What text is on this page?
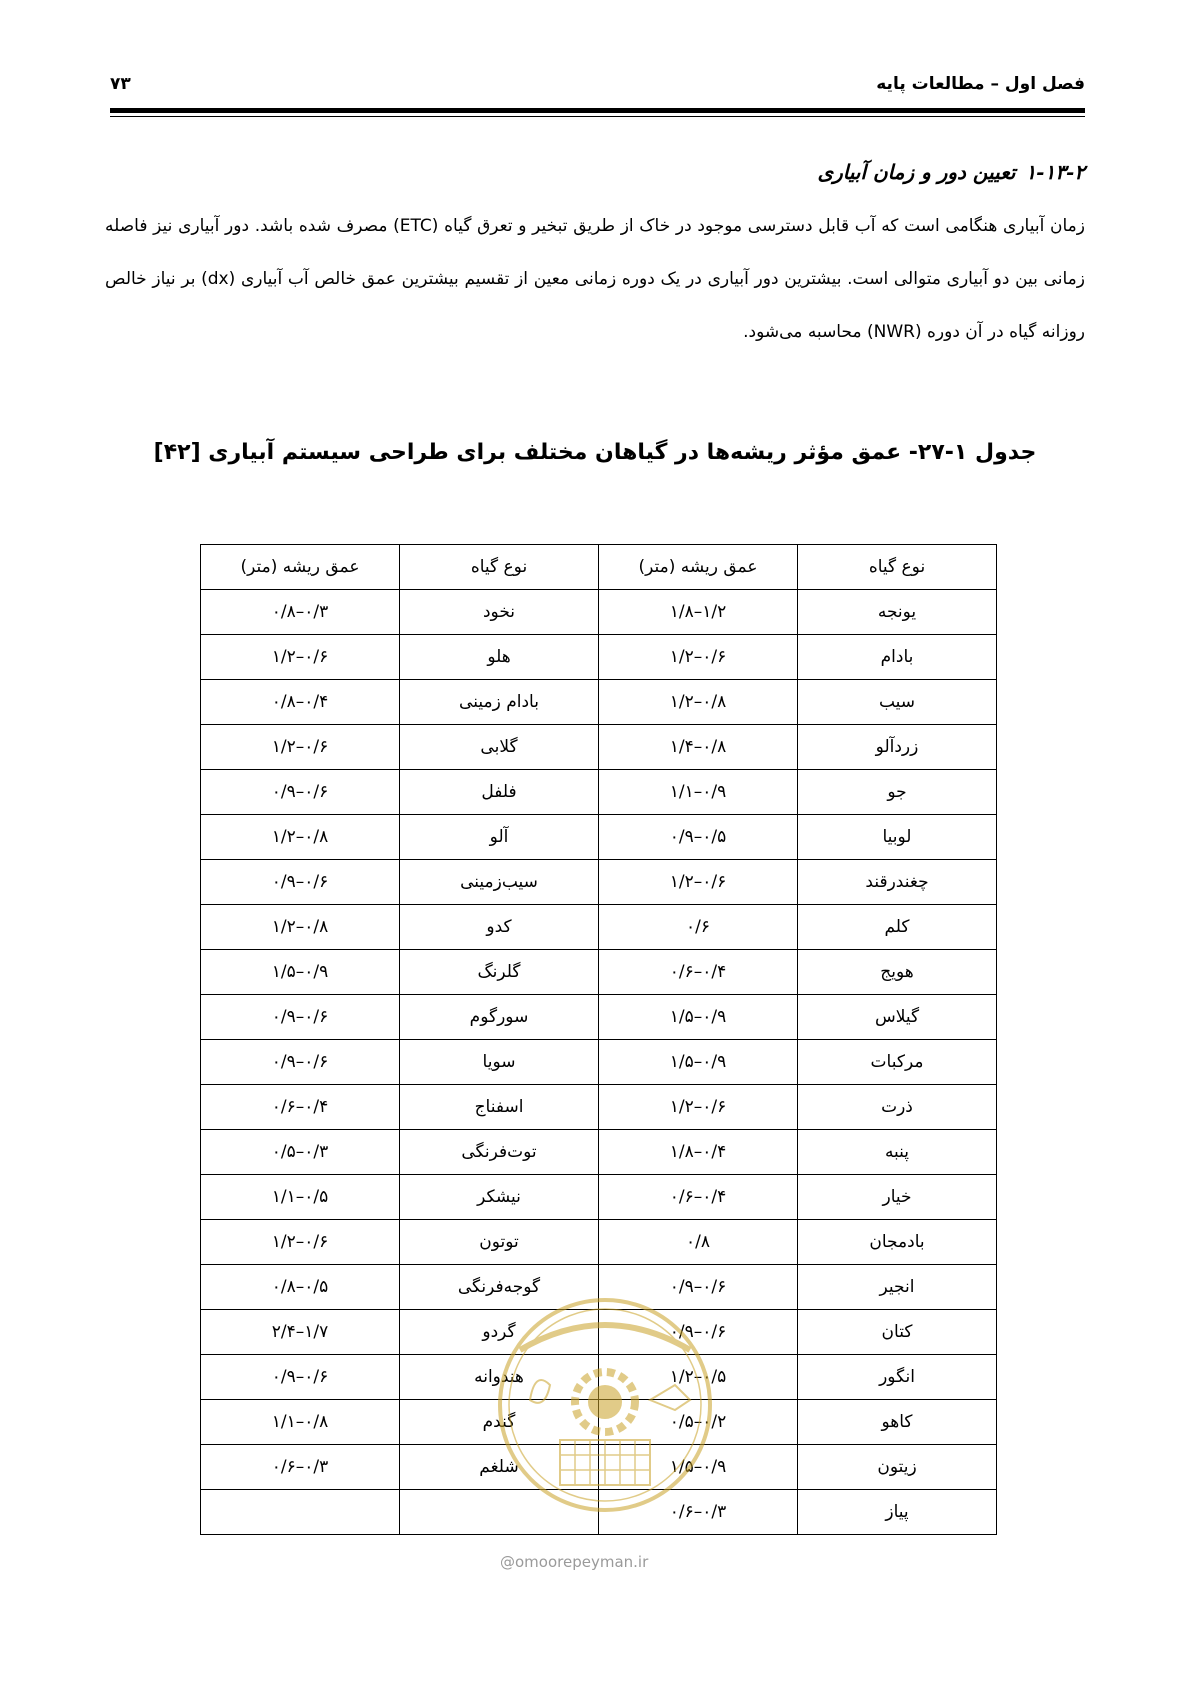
فصل اول – مطالعات پایه
۷۳
۱-۱۳-۲تعیین دور و زمان آبیاری
زمان آبیاری هنگامی است که آب قابل دسترسی موجود در خاک از طریق تبخیر و تعرق گیاه (ETC) مصرف شده باشد. دور آبیاری نیز فاصله زمانی بین دو آبیاری متوالی است. بیشترین دور آبیاری در یک دوره زمانی معین از تقسیم بیشترین عمق خالص آب آبیاری (dx) بر نیاز خالص روزانه گیاه در آن دوره (NWR) محاسبه می‌شود.
جدول ۱-۲۷- عمق مؤثر ریشه‌ها در گیاهان مختلف برای طراحی سیستم آبیاری [۴۲]
نوع گیاه	عمق ریشه (متر)	نوع گیاه	عمق ریشه (متر)
یونجه	۱/۸–۱/۲	نخود	۰/۸–۰/۳
بادام	۱/۲–۰/۶	هلو	۱/۲–۰/۶
سیب	۱/۲–۰/۸	بادام زمینی	۰/۸–۰/۴
زردآلو	۱/۴–۰/۸	گلابی	۱/۲–۰/۶
جو	۱/۱–۰/۹	فلفل	۰/۹–۰/۶
لوبیا	۰/۹–۰/۵	آلو	۱/۲–۰/۸
چغندرقند	۱/۲–۰/۶	سیب‌زمینی	۰/۹–۰/۶
کلم	۰/۶	کدو	۱/۲–۰/۸
هویج	۰/۶–۰/۴	گلرنگ	۱/۵–۰/۹
گیلاس	۱/۵–۰/۹	سورگوم	۰/۹–۰/۶
مرکبات	۱/۵–۰/۹	سویا	۰/۹–۰/۶
ذرت	۱/۲–۰/۶	اسفناج	۰/۶–۰/۴
پنبه	۱/۸–۰/۴	توت‌فرنگی	۰/۵–۰/۳
خیار	۰/۶–۰/۴	نیشکر	۱/۱–۰/۵
بادمجان	۰/۸	توتون	۱/۲–۰/۶
انجیر	۰/۹–۰/۶	گوجه‌فرنگی	۰/۸–۰/۵
کتان	۰/۹–۰/۶	گردو	۲/۴–۱/۷
انگور	۱/۲–۰/۵	هندوانه	۰/۹–۰/۶
کاهو	۰/۵–۰/۲	گندم	۱/۱–۰/۸
زیتون	۱/۵–۰/۹	شلغم	۰/۶–۰/۳
پیاز	۰/۶–۰/۳		
@omoorepeyman.ir
